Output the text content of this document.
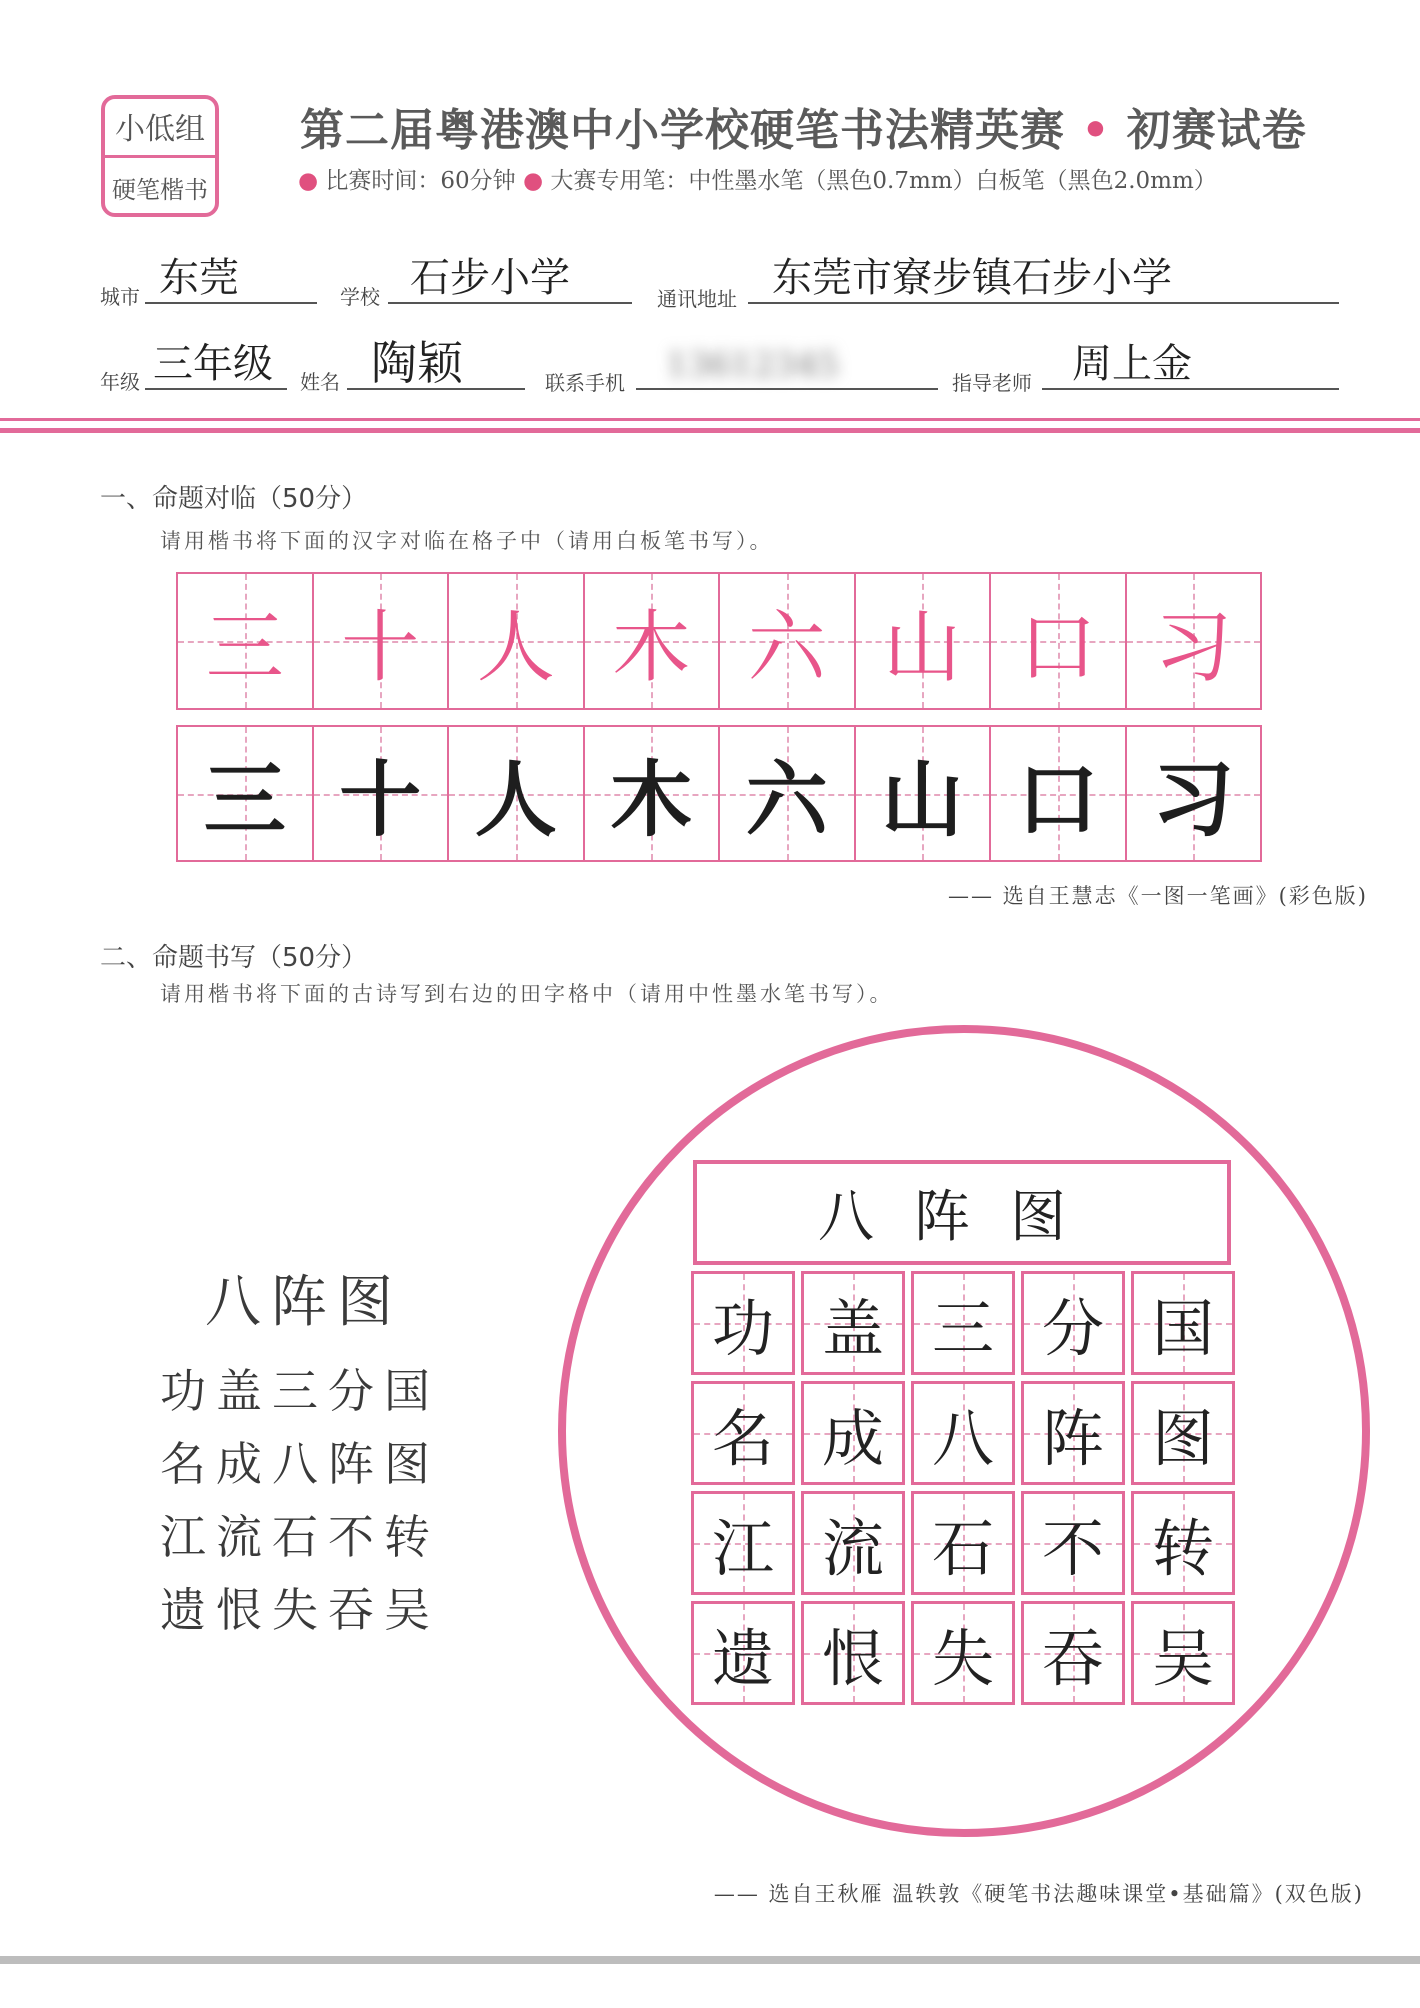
小低组
硬笔楷书
第二届粤港澳中小学校硬笔书法精英赛 • 初赛试卷
● 比赛时间：60分钟 ● 大赛专用笔：中性墨水笔（黑色0.7mm）白板笔（黑色2.0mm）
城市 东莞	学校 石步小学	通讯地址 东莞市寮步镇石步小学
年级 三年级 姓名 陶颖	联系手机 13612345	指导老师 周上金
一、命题对临（50分）
请用楷书将下面的汉字对临在格子中（请用白板笔书写）。
三 十 人 木 六 山 口 习
三 十 人 木 六 山 口 习
—— 选自王慧志《一图一笔画》(彩色版)
二、命题书写（50分）
请用楷书将下面的古诗写到右边的田字格中（请用中性墨水笔书写）。
八阵图
功盖三分国
名成八阵图
江流石不转
遗恨失吞吴
八阵图
功 盖 三 分 国
名 成 八 阵 图
江 流 石 不 转
遗 恨 失 吞 吴
—— 选自王秋雁 温轶敦《硬笔书法趣味课堂•基础篇》(双色版)
